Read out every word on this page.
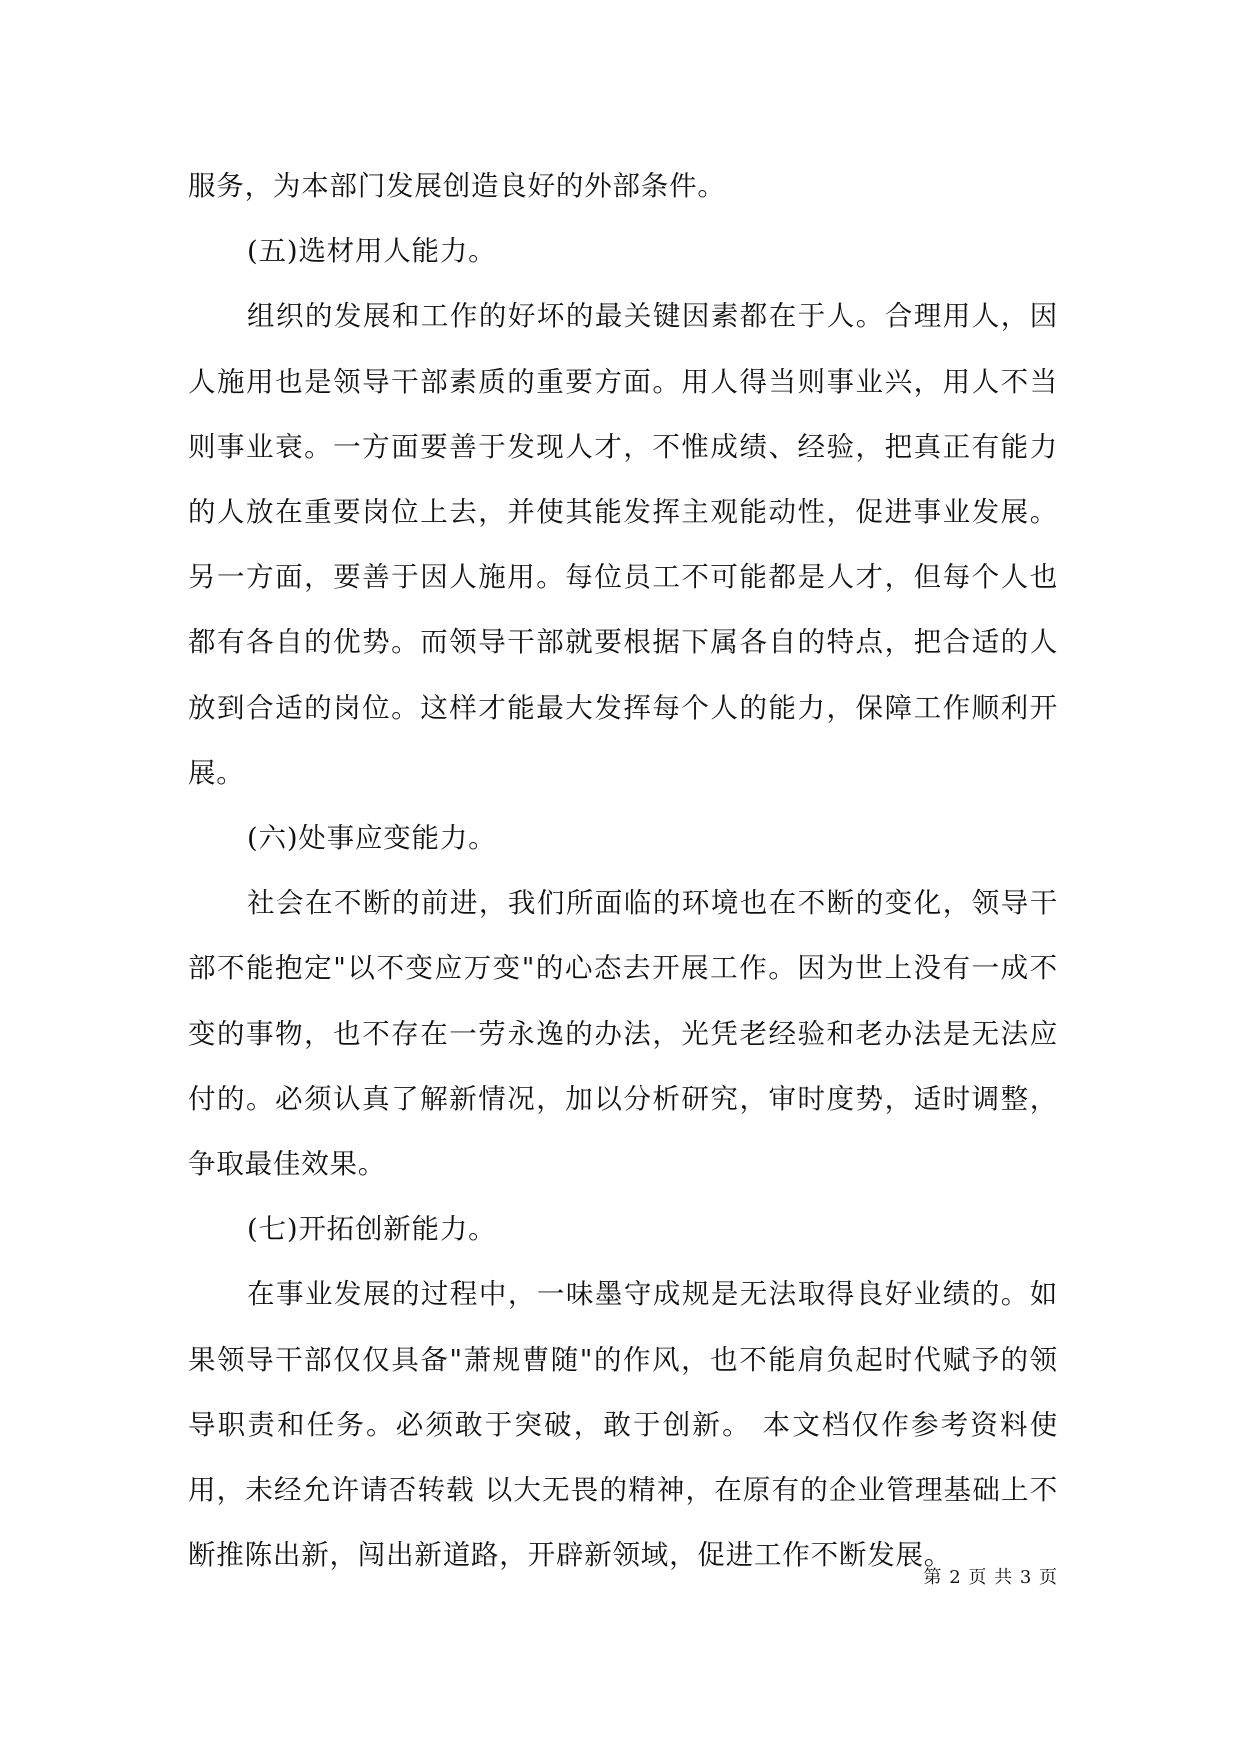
服务，为本部门发展创造良好的外部条件。

(五)选材用人能力。

组织的发展和工作的好坏的最关键因素都在于人。合理用人，因人施用也是领导干部素质的重要方面。用人得当则事业兴，用人不当则事业衰。一方面要善于发现人才，不惟成绩、经验，把真正有能力的人放在重要岗位上去，并使其能发挥主观能动性，促进事业发展。另一方面，要善于因人施用。每位员工不可能都是人才，但每个人也都有各自的优势。而领导干部就要根据下属各自的特点，把合适的人放到合适的岗位。这样才能最大发挥每个人的能力，保障工作顺利开展。

(六)处事应变能力。

社会在不断的前进，我们所面临的环境也在不断的变化，领导干部不能抱定"以不变应万变"的心态去开展工作。因为世上没有一成不变的事物，也不存在一劳永逸的办法，光凭老经验和老办法是无法应付的。必须认真了解新情况，加以分析研究，审时度势，适时调整，争取最佳效果。

(七)开拓创新能力。

在事业发展的过程中，一味墨守成规是无法取得良好业绩的。如果领导干部仅仅具备"萧规曹随"的作风，也不能肩负起时代赋予的领导职责和任务。必须敢于突破，敢于创新。 本文档仅作参考资料使用，未经允许请否转载 以大无畏的精神，在原有的企业管理基础上不断推陈出新，闯出新道路，开辟新领域，促进工作不断发展。

第 2 页 共 3 页
